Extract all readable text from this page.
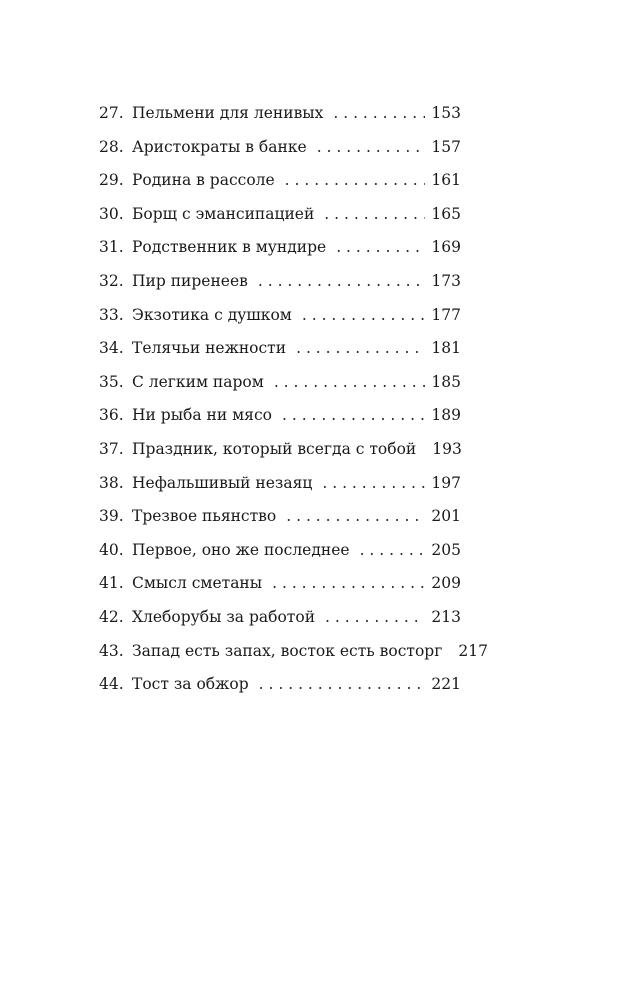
27. Пельмени для ленивых . . .	153
28. Аристократы в банке . . .	157
29. Родина в рассоле . . .	161
30. Борщ с эмансипацией . . .	165
31. Родственник в мундире . . .	169
32. Пир пиренеев . . .	173
33. Экзотика с душком . . .	177
34. Телячьи нежности . . .	181
35. С легким паром . . .	185
36. Ни рыба ни мясо . . .	189
37. Праздник, который всегда с тобой 193
38. Нефальшивый незаяц . . .	197
39. Трезвое пьянство . . .	201
40. Первое, оно же последнее . . .	205
41. Смысл сметаны . . .	209
42. Хлеборубы за работой . . .	213
43. Запад есть запах, восток есть восторг 217
44. Тост за обжор . . .	221
